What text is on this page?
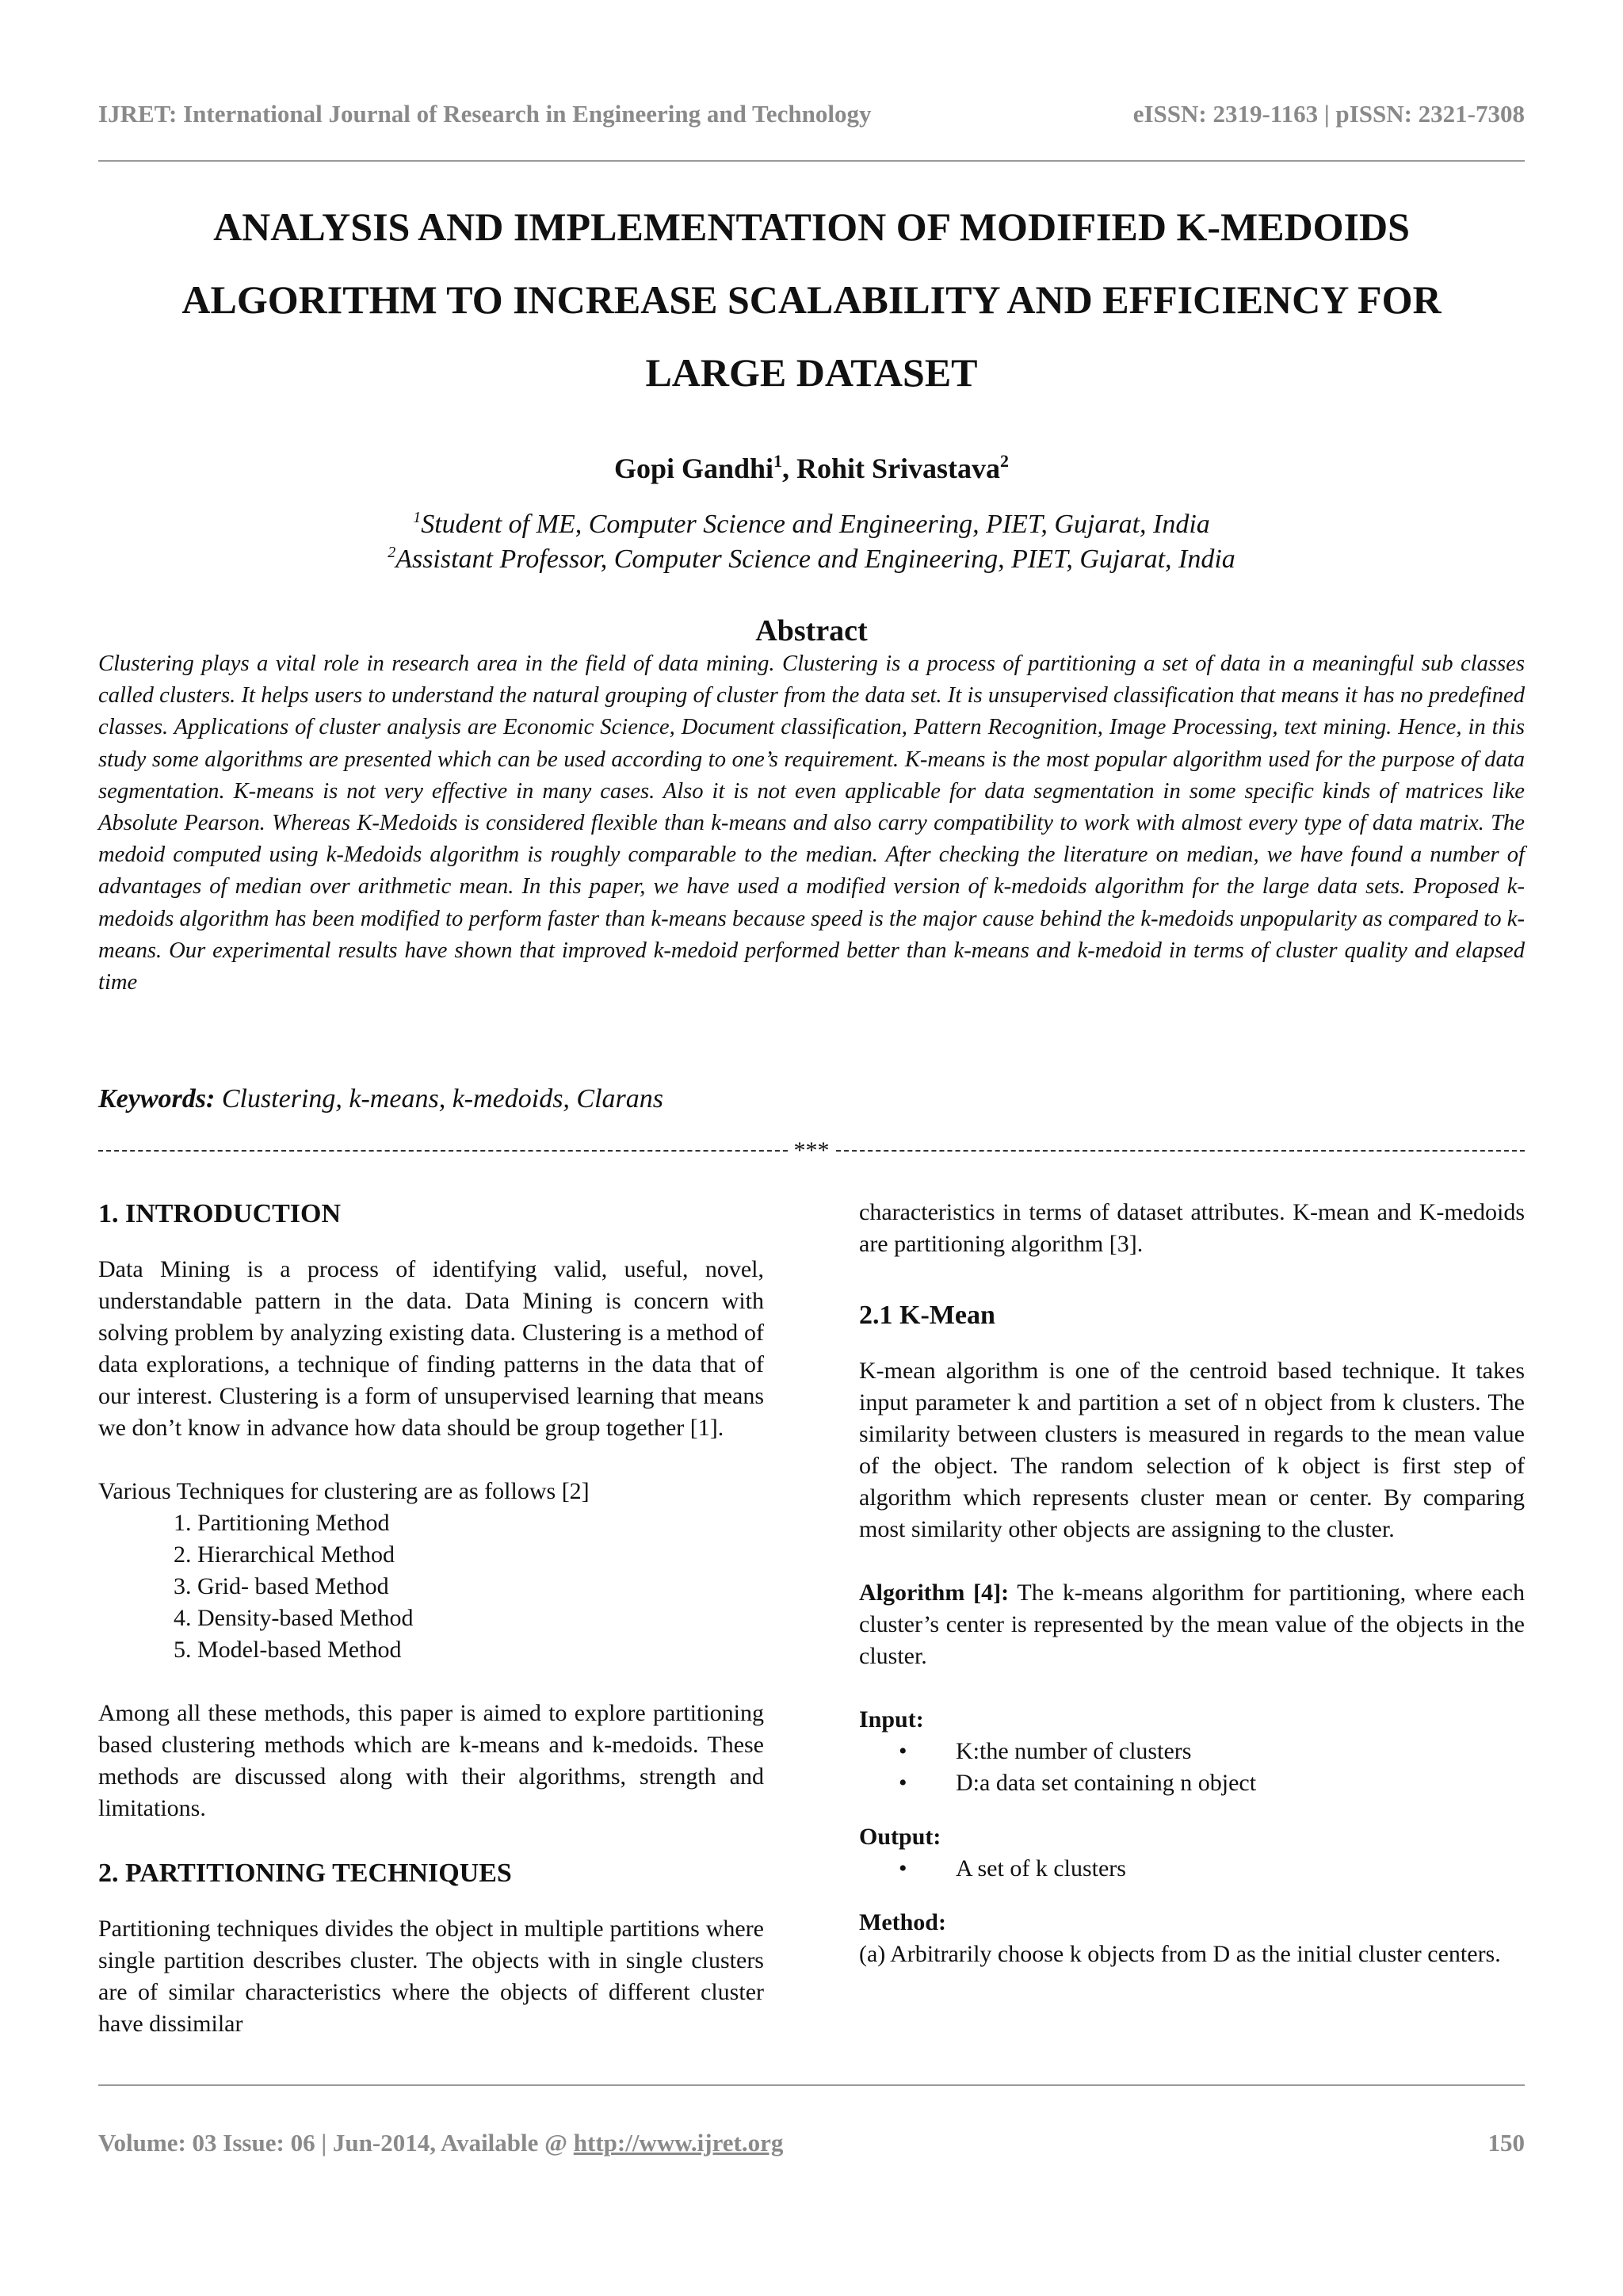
IJRET: International Journal of Research in Engineering and Technology	eISSN: 2319-1163 | pISSN: 2321-7308
ANALYSIS AND IMPLEMENTATION OF MODIFIED K-MEDOIDS
ALGORITHM TO INCREASE SCALABILITY AND EFFICIENCY FOR
LARGE DATASET
Gopi Gandhi$^1$, Rohit Srivastava$^2$
$^1$Student of ME, Computer Science and Engineering, PIET, Gujarat, India
$^2$Assistant Professor, Computer Science and Engineering, PIET, Gujarat, India
Abstract
Clustering plays a vital role in research area in the field of data mining. Clustering is a process of partitioning a set of data in a meaningful sub classes called clusters. It helps users to understand the natural grouping of cluster from the data set. It is unsupervised classification that means it has no predefined classes. Applications of cluster analysis are Economic Science, Document classification, Pattern Recognition, Image Processing, text mining. Hence, in this study some algorithms are presented which can be used according to one’s requirement. K-means is the most popular algorithm used for the purpose of data segmentation. K-means is not very effective in many cases. Also it is not even applicable for data segmentation in some specific kinds of matrices like Absolute Pearson. Whereas K-Medoids is considered flexible than k-means and also carry compatibility to work with almost every type of data matrix. The medoid computed using k-Medoids algorithm is roughly comparable to the median. After checking the literature on median, we have found a number of advantages of median over arithmetic mean. In this paper, we have used a modified version of k-medoids algorithm for the large data sets. Proposed k-medoids algorithm has been modified to perform faster than k-means because speed is the major cause behind the k-medoids unpopularity as compared to k-means. Our experimental results have shown that improved k-medoid performed better than k-means and k-medoid in terms of cluster quality and elapsed time
Keywords: Clustering, k-means, k-medoids, Clarans
***
1. INTRODUCTION

Data Mining is a process of identifying valid, useful, novel, understandable pattern in the data. Data Mining is concern with solving problem by analyzing existing data. Clustering is a method of data explorations, a technique of finding patterns in the data that of our interest. Clustering is a form of unsupervised learning that means we don’t know in advance how data should be group together [1].

Various Techniques for clustering are as follows [2]

1. Partitioning Method
2. Hierarchical Method
3. Grid- based Method
4. Density-based Method
5. Model-based Method

Among all these methods, this paper is aimed to explore partitioning based clustering methods which are k-means and k-medoids. These methods are discussed along with their algorithms, strength and limitations.

2. PARTITIONING TECHNIQUES

Partitioning techniques divides the object in multiple partitions where single partition describes cluster. The objects with in single clusters are of similar characteristics where the objects of different cluster have dissimilar

characteristics in terms of dataset attributes. K-mean and K-medoids are partitioning algorithm [3].

2.1 K-Mean

K-mean algorithm is one of the centroid based technique. It takes input parameter k and partition a set of n object from k clusters. The similarity between clusters is measured in regards to the mean value of the object. The random selection of k object is first step of algorithm which represents cluster mean or center. By comparing most similarity other objects are assigning to the cluster.

Algorithm [4]: The k-means algorithm for partitioning, where each cluster’s center is represented by the mean value of the objects in the cluster.

Input:
• K:the number of clusters
• D:a data set containing n object
Output:
• A set of k clusters
Method:

(a) Arbitrarily choose k objects from D as the initial cluster centers.

Volume: 03 Issue: 06 | Jun-2014, Available @ http://www.ijret.org	150
